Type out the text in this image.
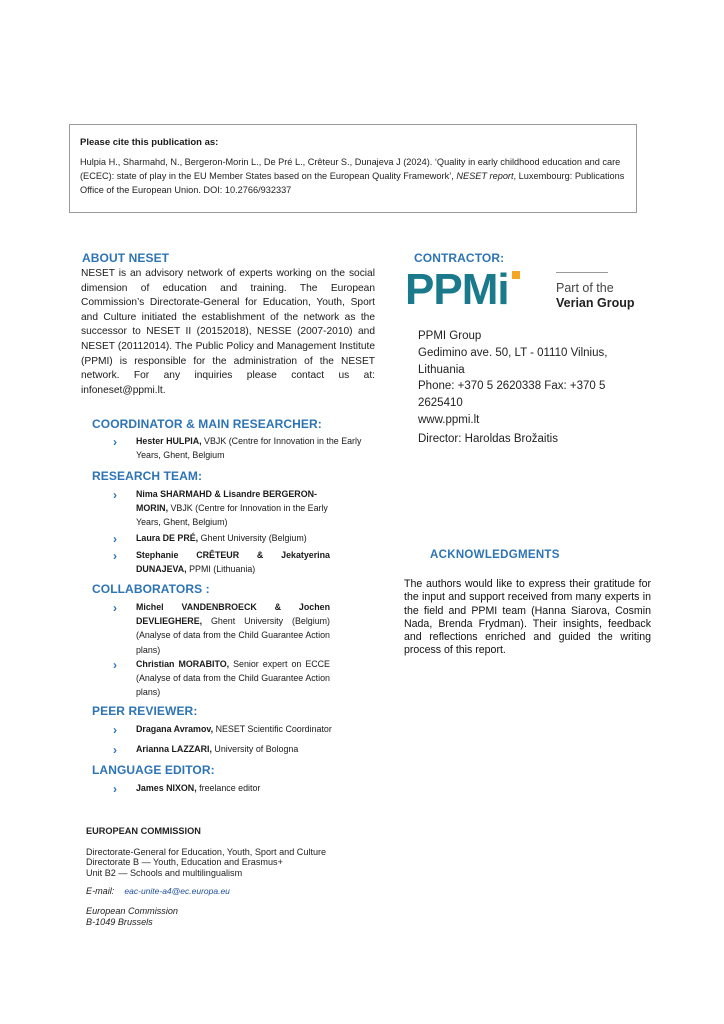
Please cite this publication as:
Hulpia H., Sharmahd, N., Bergeron-Morin L., De Pré L., Crêteur S., Dunajeva J (2024). ‘Quality in early childhood education and care (ECEC): state of play in the EU Member States based on the European Quality Framework’, NESET report, Luxembourg: Publications Office of the European Union. DOI: 10.2766/932337
ABOUT NESET
NESET is an advisory network of experts working on the social dimension of education and training. The European Commission’s Directorate-General for Education, Youth, Sport and Culture initiated the establishment of the network as the successor to NESET II (20152018), NESSE (2007-2010) and NESET (20112014). The Public Policy and Management Institute (PPMI) is responsible for the administration of the NESET network. For any inquiries please contact us at: infoneset@ppmi.lt.
COORDINATOR & MAIN RESEARCHER:
› Hester HULPIA, VBJK (Centre for Innovation in the Early Years, Ghent, Belgium
RESEARCH TEAM:
› Nima SHARMAHD & Lisandre BERGERON-MORIN, VBJK (Centre for Innovation in the Early Years, Ghent, Belgium)
› Laura DE PRÉ, Ghent University (Belgium)
› Stephanie CRÊTEUR & Jekatyerina DUNAJEVA, PPMI (Lithuania)
COLLABORATORS :
› Michel VANDENBROECK & Jochen DEVLIEGHERE, Ghent University (Belgium) (Analyse of data from the Child Guarantee Action plans)
› Christian MORABITO, Senior expert on ECCE (Analyse of data from the Child Guarantee Action plans)
PEER REVIEWER:
› Dragana Avramov, NESET Scientific Coordinator
› Arianna LAZZARI, University of Bologna
LANGUAGE EDITOR:
› James NIXON, freelance editor
CONTRACTOR:
PPMi	Part of the
Verian Group
PPMI Group
Gedimino ave. 50, LT - 01110 Vilnius,
Lithuania
Phone: +370 5 2620338 Fax: +370 5
2625410
www.ppmi.lt
Director: Haroldas Brožaitis
ACKNOWLEDGMENTS
The authors would like to express their gratitude for the input and support received from many experts in the field and PPMI team (Hanna Siarova, Cosmin Nada, Brenda Frydman). Their insights, feedback and reflections enriched and guided the writing process of this report.
EUROPEAN COMMISSION
Directorate-General for Education, Youth, Sport and Culture
Directorate B — Youth, Education and Erasmus+
Unit B2 — Schools and multilingualism
E-mail: eac-unite-a4@ec.europa.eu
European Commission
B-1049 Brussels
